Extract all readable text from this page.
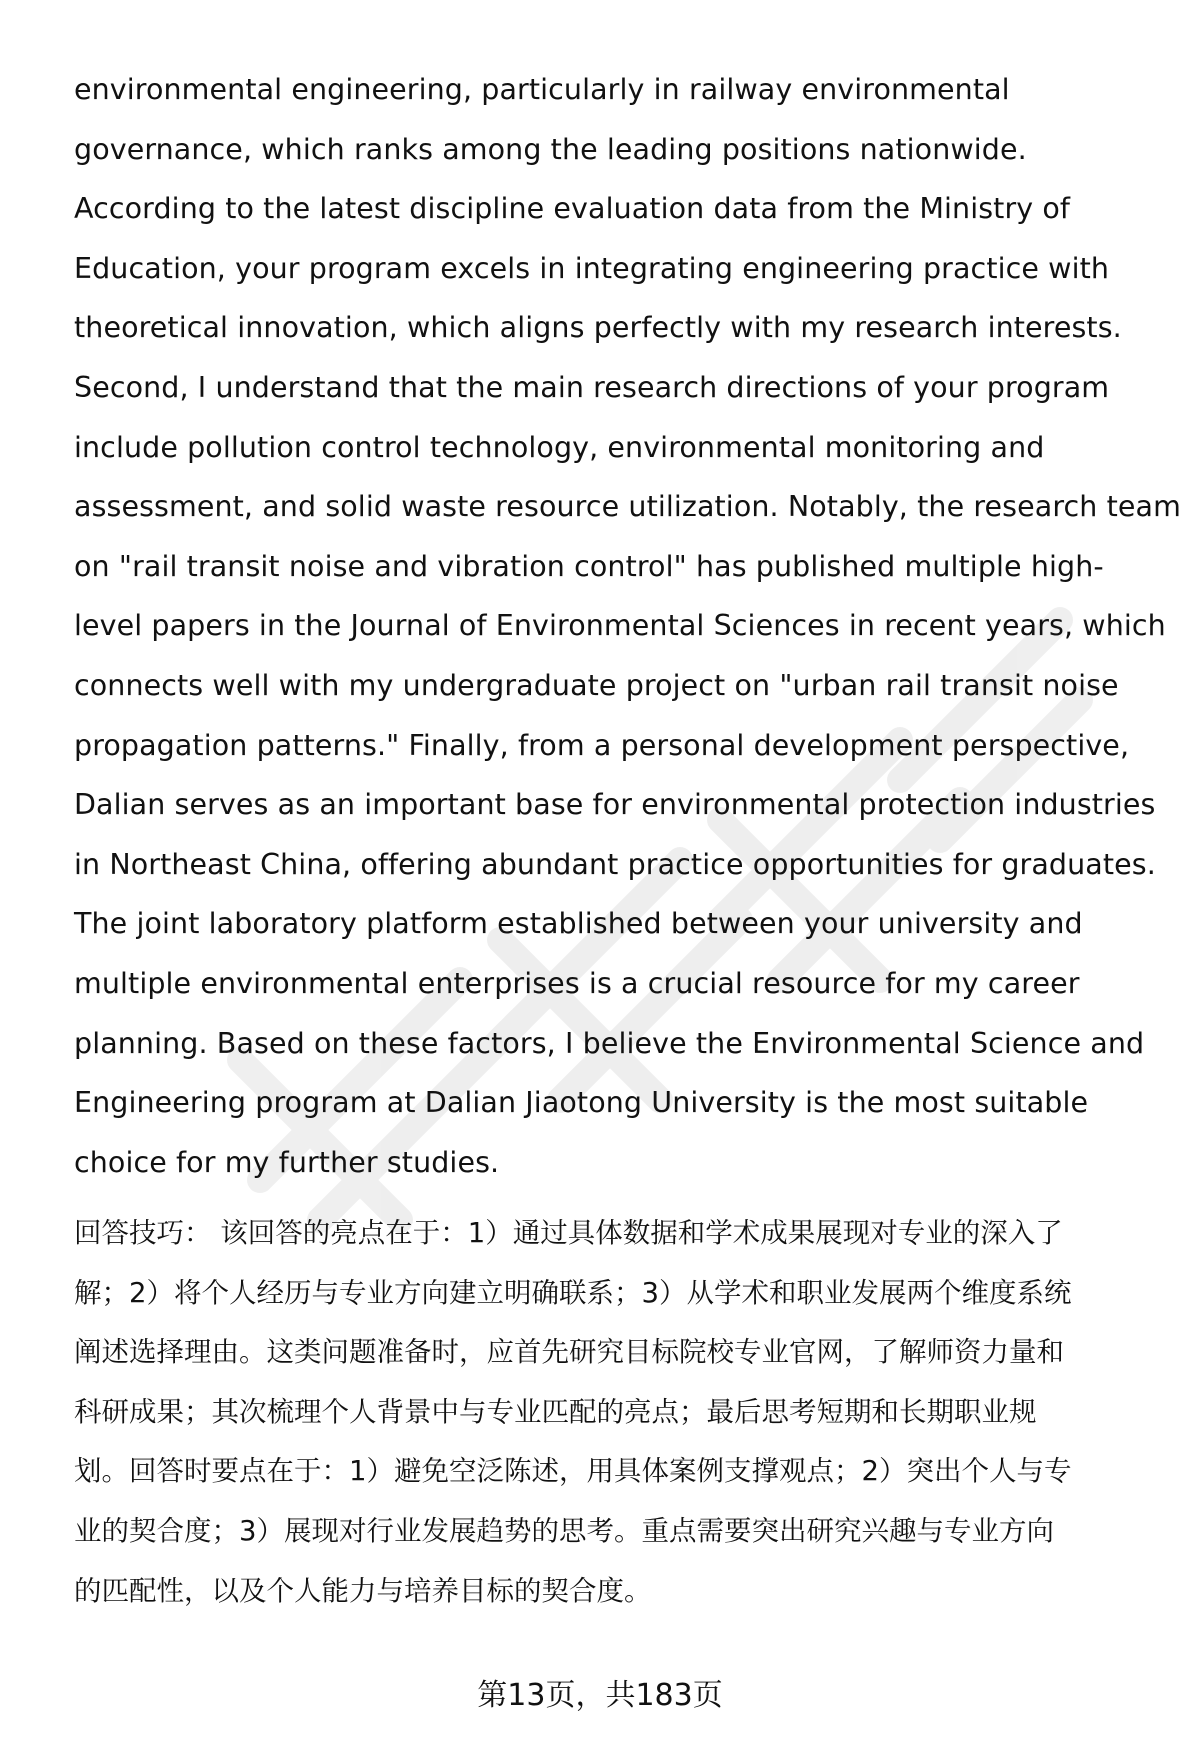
environmental engineering, particularly in railway environmental
governance, which ranks among the leading positions nationwide.
According to the latest discipline evaluation data from the Ministry of
Education, your program excels in integrating engineering practice with
theoretical innovation, which aligns perfectly with my research interests.
Second, I understand that the main research directions of your program
include pollution control technology, environmental monitoring and
assessment, and solid waste resource utilization. Notably, the research team
on "rail transit noise and vibration control" has published multiple high-
level papers in the Journal of Environmental Sciences in recent years, which
connects well with my undergraduate project on "urban rail transit noise
propagation patterns." Finally, from a personal development perspective,
Dalian serves as an important base for environmental protection industries
in Northeast China, offering abundant practice opportunities for graduates.
The joint laboratory platform established between your university and
multiple environmental enterprises is a crucial resource for my career
planning. Based on these factors, I believe the Environmental Science and
Engineering program at Dalian Jiaotong University is the most suitable
choice for my further studies.
回答技巧： 该回答的亮点在于：1）通过具体数据和学术成果展现对专业的深入了
解；2）将个人经历与专业方向建立明确联系；3）从学术和职业发展两个维度系统
阐述选择理由。这类问题准备时，应首先研究目标院校专业官网，了解师资力量和
科研成果；其次梳理个人背景中与专业匹配的亮点；最后思考短期和长期职业规
划。回答时要点在于：1）避免空泛陈述，用具体案例支撑观点；2）突出个人与专
业的契合度；3）展现对行业发展趋势的思考。重点需要突出研究兴趣与专业方向
的匹配性，以及个人能力与培养目标的契合度。
第13页，共183页
